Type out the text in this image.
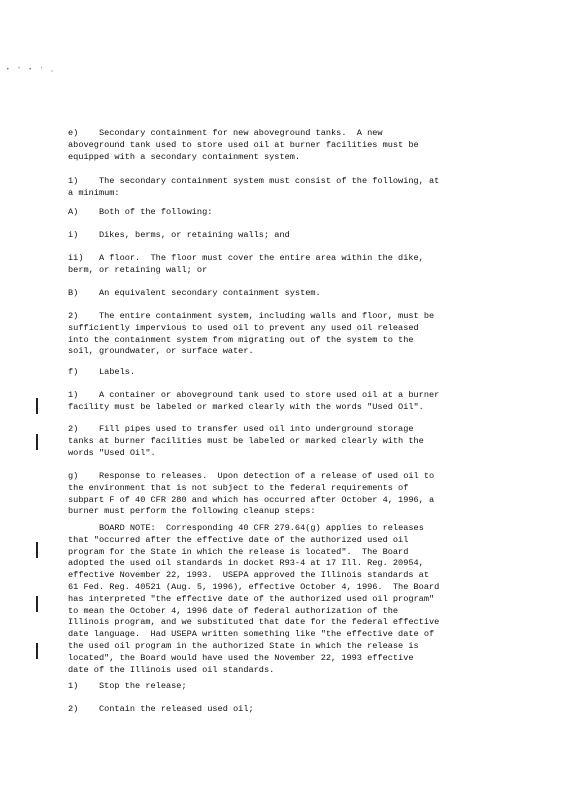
• ° • ' ,
e)    Secondary containment for new aboveground tanks.  A new
aboveground tank used to store used oil at burner facilities must be
equipped with a secondary containment system.
1)    The secondary containment system must consist of the following, at
a minimum:
A)    Both of the following:
i)    Dikes, berms, or retaining walls; and
ii)   A floor.  The floor must cover the entire area within the dike,
berm, or retaining wall; or
B)    An equivalent secondary containment system.
2)    The entire containment system, including walls and floor, must be
sufficiently impervious to used oil to prevent any used oil released
into the containment system from migrating out of the system to the
soil, groundwater, or surface water.
f)    Labels.
1)    A container or aboveground tank used to store used oil at a burner
facility must be labeled or marked clearly with the words "Used Oil".
2)    Fill pipes used to transfer used oil into underground storage
tanks at burner facilities must be labeled or marked clearly with the
words "Used Oil".
g)    Response to releases.  Upon detection of a release of used oil to
the environment that is not subject to the federal requirements of
subpart F of 40 CFR 280 and which has occurred after October 4, 1996, a
burner must perform the following cleanup steps:
BOARD NOTE:  Corresponding 40 CFR 279.64(g) applies to releases
that "occurred after the effective date of the authorized used oil
program for the State in which the release is located".  The Board
adopted the used oil standards in docket R93-4 at 17 Ill. Reg. 20954,
effective November 22, 1993.  USEPA approved the Illinois standards at
61 Fed. Reg. 40521 (Aug. 5, 1996), effective October 4, 1996.  The Board
has interpreted "the effective date of the authorized used oil program"
to mean the October 4, 1996 date of federal authorization of the
Illinois program, and we substituted that date for the federal effective
date language.  Had USEPA written something like "the effective date of
the used oil program in the authorized State in which the release is
located", the Board would have used the November 22, 1993 effective
date of the Illinois used oil standards.
1)    Stop the release;
2)    Contain the released used oil;
